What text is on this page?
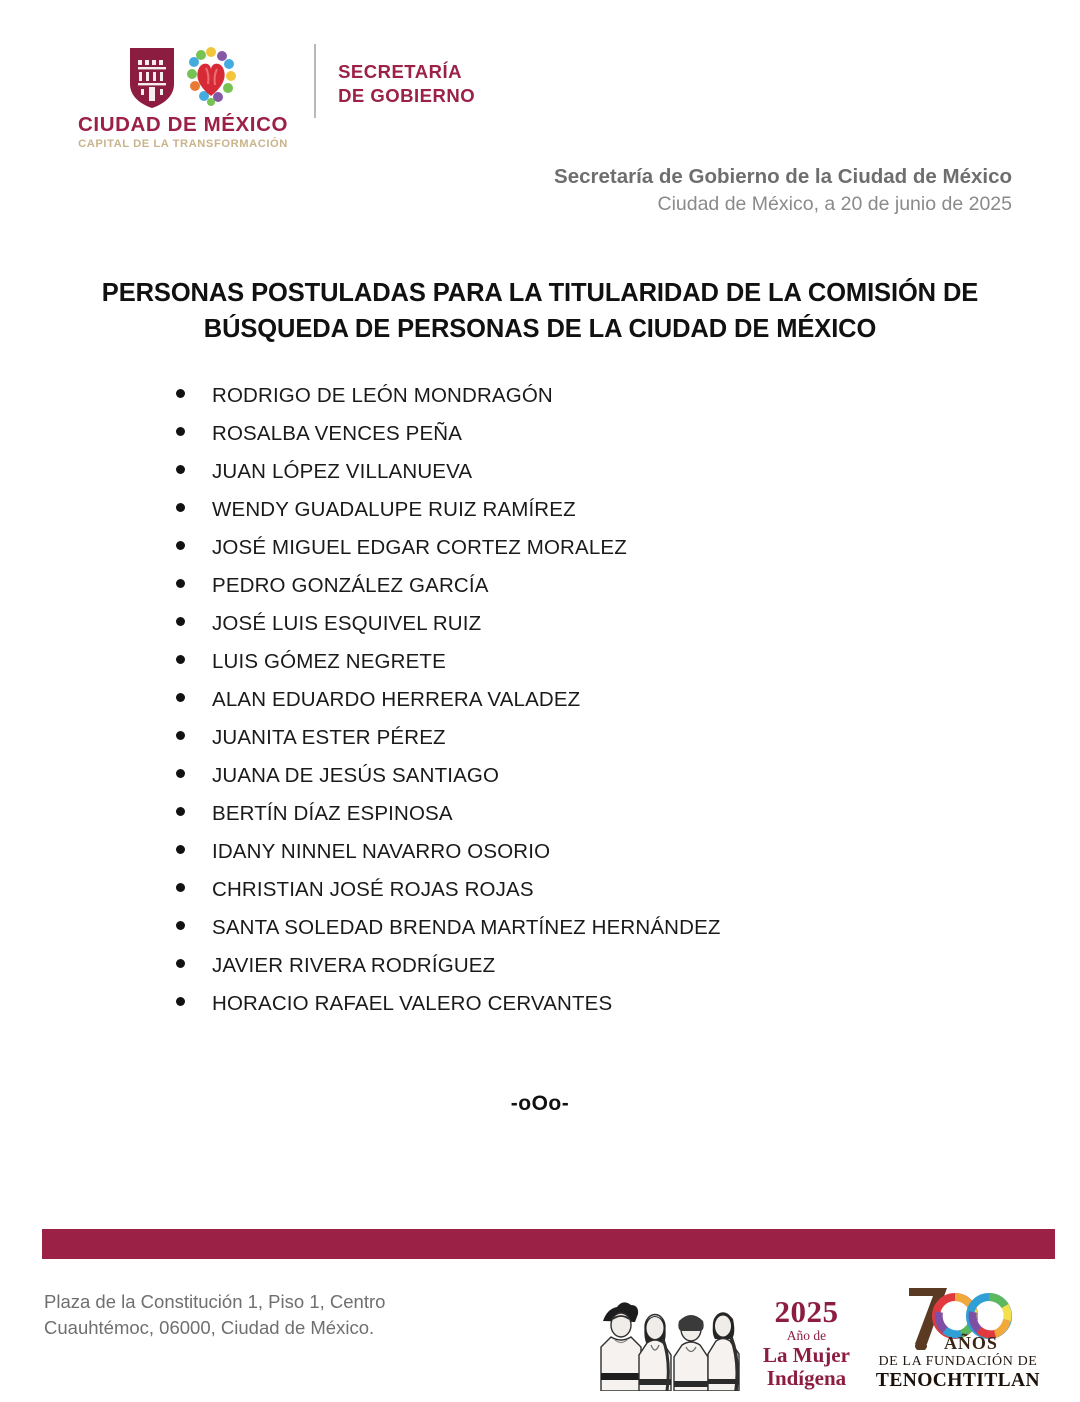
CIUDAD DE MÉXICO
CAPITAL DE LA TRANSFORMACIÓN
SECRETARÍA
DE GOBIERNO
Secretaría de Gobierno de la Ciudad de México
Ciudad de México, a 20 de junio de 2025
PERSONAS POSTULADAS PARA LA TITULARIDAD DE LA COMISIÓN DE
BÚSQUEDA DE PERSONAS DE LA CIUDAD DE MÉXICO
RODRIGO DE LEÓN MONDRAGÓN
ROSALBA VENCES PEÑA
JUAN LÓPEZ VILLANUEVA
WENDY GUADALUPE RUIZ RAMÍREZ
JOSÉ MIGUEL EDGAR CORTEZ MORALEZ
PEDRO GONZÁLEZ GARCÍA
JOSÉ LUIS ESQUIVEL RUIZ
LUIS GÓMEZ NEGRETE
ALAN EDUARDO HERRERA VALADEZ
JUANITA ESTER PÉREZ
JUANA DE JESÚS SANTIAGO
BERTÍN DÍAZ ESPINOSA
IDANY NINNEL NAVARRO OSORIO
CHRISTIAN JOSÉ ROJAS ROJAS
SANTA SOLEDAD BRENDA MARTÍNEZ HERNÁNDEZ
JAVIER RIVERA RODRÍGUEZ
HORACIO RAFAEL VALERO CERVANTES
-oOo-
Plaza de la Constitución 1, Piso 1, Centro
Cuauhtémoc, 06000, Ciudad de México.	2025
Año de
La Mujer
Indígena
AÑOS
DE LA FUNDACIÓN DE
TENOCHTITLAN
